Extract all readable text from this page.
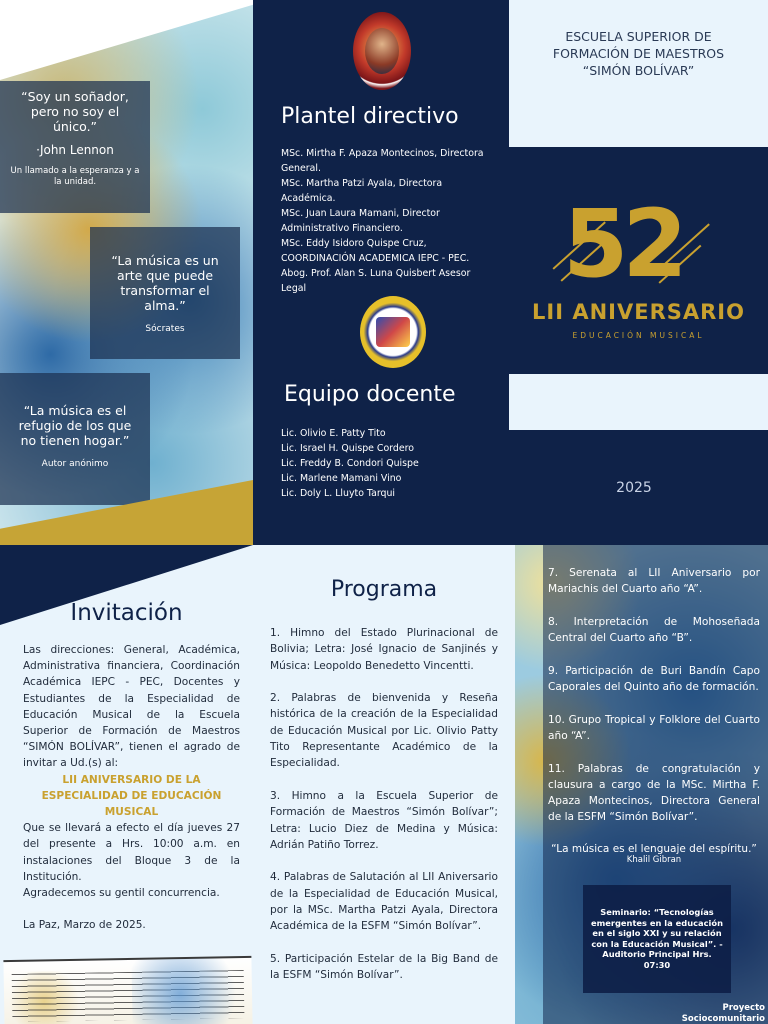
“Soy un soñador, pero no soy el único.”
·John Lennon
Un llamado a la esperanza y a la unidad.
“La música es un arte que puede transformar el alma.”
Sócrates
“La música es el refugio de los que no tienen hogar.”
Autor anónimo
Plantel directivo
MSc. Mirtha F. Apaza Montecinos, Directora General.
MSc. Martha Patzi Ayala, Directora Académica.
MSc. Juan Laura Mamani, Director Administrativo Financiero.
MSc. Eddy Isidoro Quispe Cruz, COORDINACIÓN ACADEMICA IEPC - PEC.
Abog. Prof. Alan S. Luna Quisbert Asesor Legal
Equipo docente
Lic. Olivio E. Patty Tito
Lic. Israel H. Quispe Cordero
Lic. Freddy B. Condori Quispe
Lic. Marlene Mamani Vino
Lic. Doly L. Lluyto Tarqui
ESCUELA SUPERIOR DE
FORMACIÓN DE MAESTROS
“SIMÓN BOLÍVAR”
52
LII ANIVERSARIO
EDUCACIÓN MUSICAL
2025
Invitación
Las direcciones: General, Académica, Administrativa financiera, Coordinación Académica IEPC - PEC, Docentes y Estudiantes de la Especialidad de Educación Musical de la Escuela Superior de Formación de Maestros “SIMÓN BOLÍVAR”, tienen el agrado de invitar a Ud.(s) al:
LII ANIVERSARIO DE LA ESPECIALIDAD DE EDUCACIÓN MUSICAL
Que se llevará a efecto el día jueves 27 del presente a Hrs. 10:00 a.m. en instalaciones del Bloque 3 de la Institución.
Agradecemos su gentil concurrencia.
La Paz, Marzo de 2025.
Programa
1. Himno del Estado Plurinacional de Bolivia; Letra: José Ignacio de Sanjinés y Música: Leopoldo Benedetto Vincentti.
2. Palabras de bienvenida y Reseña histórica de la creación de la Especialidad de Educación Musical por Lic. Olivio Patty Tito Representante Académico de la Especialidad.
3. Himno a la Escuela Superior de Formación de Maestros “Simón Bolívar”; Letra: Lucio Diez de Medina y Música: Adrián Patiño Torrez.
4. Palabras de Salutación al LII Aniversario de la Especialidad de Educación Musical, por la MSc. Martha Patzi Ayala, Directora Académica de la ESFM “Simón Bolívar”.
5. Participación Estelar de la Big Band de la ESFM “Simón Bolívar”.
7. Serenata al LII Aniversario por Mariachis del Cuarto año “A”.
8. Interpretación de Mohoseñada Central del Cuarto año “B”.
9. Participación de Buri Bandín Capo Caporales del Quinto año de formación.
10. Grupo Tropical y Folklore del Cuarto año “A”.
11. Palabras de congratulación y clausura a cargo de la MSc. Mirtha F. Apaza Montecinos, Directora General de la ESFM “Simón Bolívar”.
“La música es el lenguaje del espíritu.”
Khalil Gibran
Seminario: “Tecnologías emergentes en la educación en el siglo XXI y su relación con la Educación Musical”. - Auditorio Principal Hrs. 07:30
Proyecto Sociocomunitario
